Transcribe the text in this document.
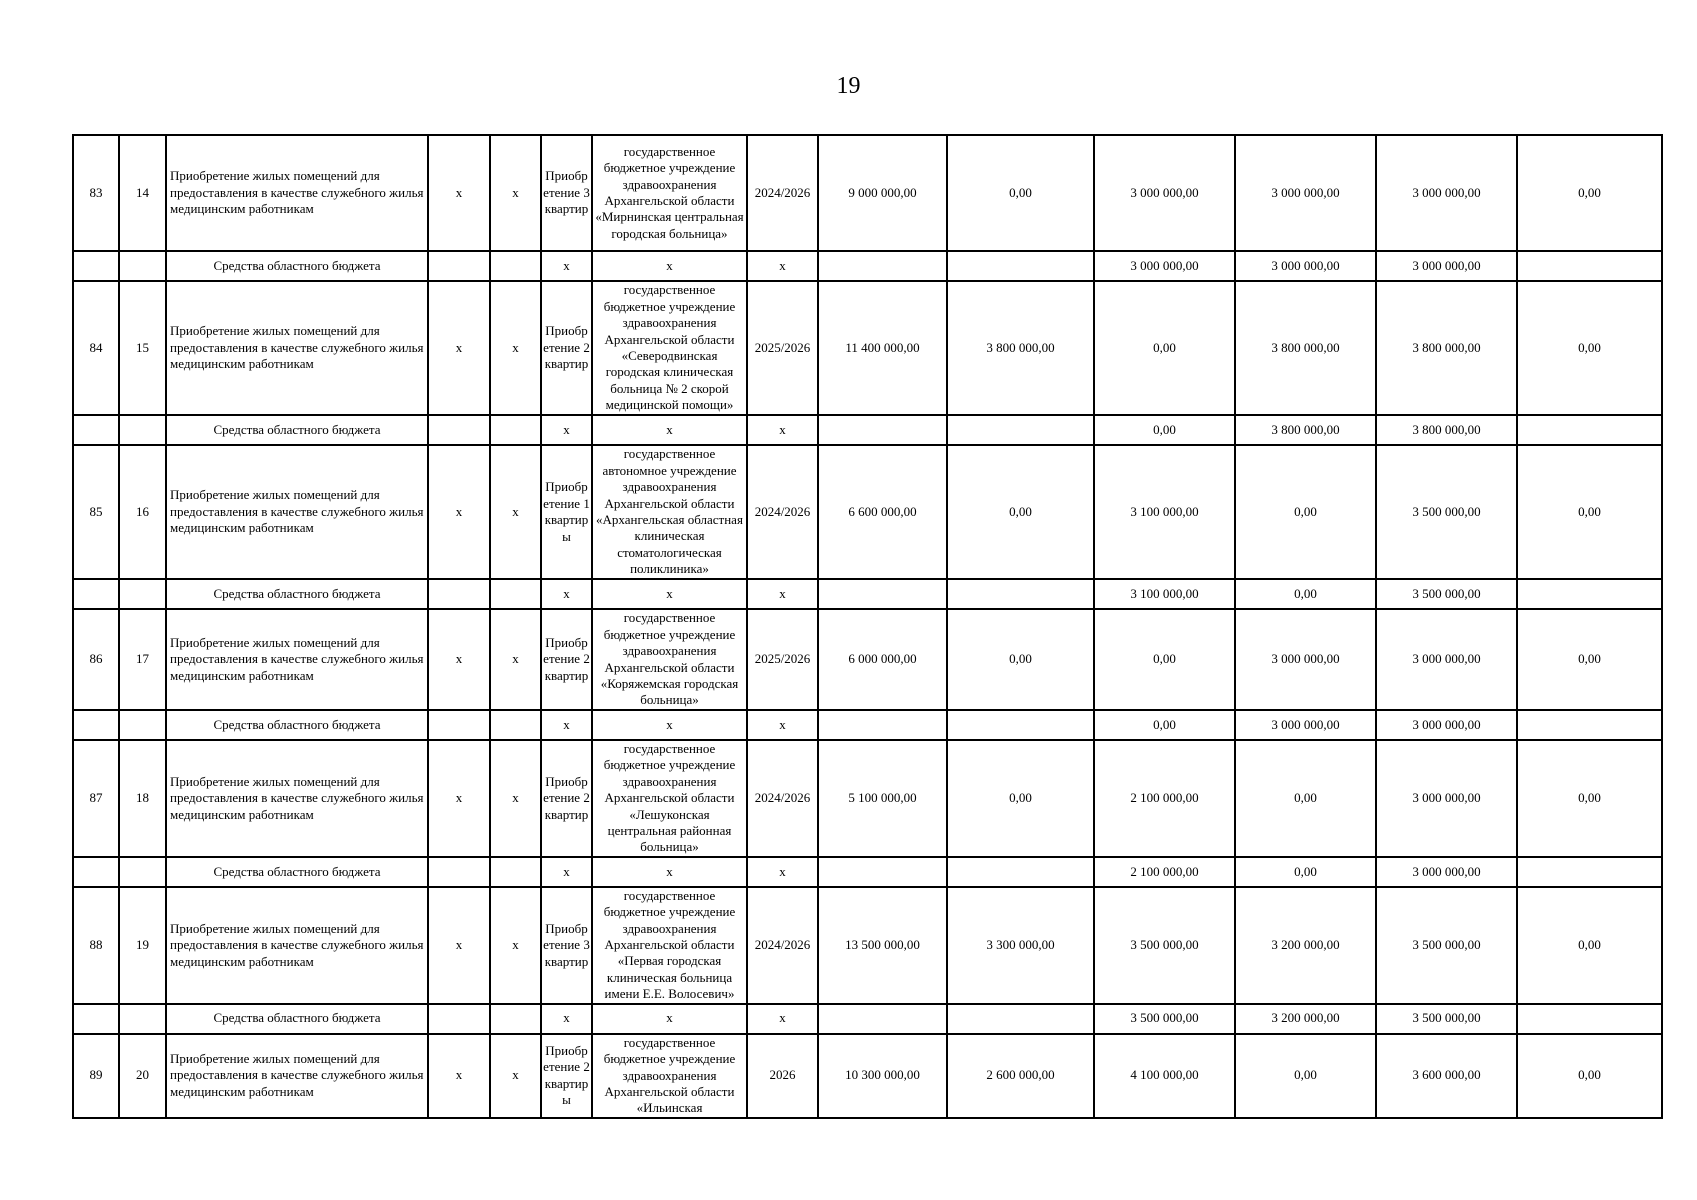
19
83	14	Приобретение жилых помещений для предоставления в качестве служебного жилья медицинским работникам	х	х	Приобретение 3 квартир	государственное бюджетное учреждение здравоохранения Архангельской области «Мирнинская центральная городская больница»	2024/2026	9 000 000,00	0,00	3 000 000,00	3 000 000,00	3 000 000,00	0,00
		Средства областного бюджета			х	х	х			3 000 000,00	3 000 000,00	3 000 000,00	
84	15	Приобретение жилых помещений для предоставления в качестве служебного жилья медицинским работникам	х	х	Приобретение 2 квартир	государственное бюджетное учреждение здравоохранения Архангельской области «Северодвинская городская клиническая больница № 2 скорой медицинской помощи»	2025/2026	11 400 000,00	3 800 000,00	0,00	3 800 000,00	3 800 000,00	0,00
		Средства областного бюджета			х	х	х			0,00	3 800 000,00	3 800 000,00	
85	16	Приобретение жилых помещений для предоставления в качестве служебного жилья медицинским работникам	х	х	Приобретение 1 квартиры	государственное автономное учреждение здравоохранения Архангельской области «Архангельская областная клиническая стоматологическая поликлиника»	2024/2026	6 600 000,00	0,00	3 100 000,00	0,00	3 500 000,00	0,00
		Средства областного бюджета			х	х	х			3 100 000,00	0,00	3 500 000,00	
86	17	Приобретение жилых помещений для предоставления в качестве служебного жилья медицинским работникам	х	х	Приобретение 2 квартир	государственное бюджетное учреждение здравоохранения Архангельской области «Коряжемская городская больница»	2025/2026	6 000 000,00	0,00	0,00	3 000 000,00	3 000 000,00	0,00
		Средства областного бюджета			х	х	х			0,00	3 000 000,00	3 000 000,00	
87	18	Приобретение жилых помещений для предоставления в качестве служебного жилья медицинским работникам	х	х	Приобретение 2 квартир	государственное бюджетное учреждение здравоохранения Архангельской области «Лешуконская центральная районная больница»	2024/2026	5 100 000,00	0,00	2 100 000,00	0,00	3 000 000,00	0,00
		Средства областного бюджета			х	х	х			2 100 000,00	0,00	3 000 000,00	
88	19	Приобретение жилых помещений для предоставления в качестве служебного жилья медицинским работникам	х	х	Приобретение 3 квартир	государственное бюджетное учреждение здравоохранения Архангельской области «Первая городская клиническая больница имени Е.Е. Волосевич»	2024/2026	13 500 000,00	3 300 000,00	3 500 000,00	3 200 000,00	3 500 000,00	0,00
		Средства областного бюджета			х	х	х			3 500 000,00	3 200 000,00	3 500 000,00	
89	20	Приобретение жилых помещений для предоставления в качестве служебного жилья медицинским работникам	х	х	Приобретение 2 квартиры	государственное бюджетное учреждение здравоохранения Архангельской области «Ильинская	2026	10 300 000,00	2 600 000,00	4 100 000,00	0,00	3 600 000,00	0,00
